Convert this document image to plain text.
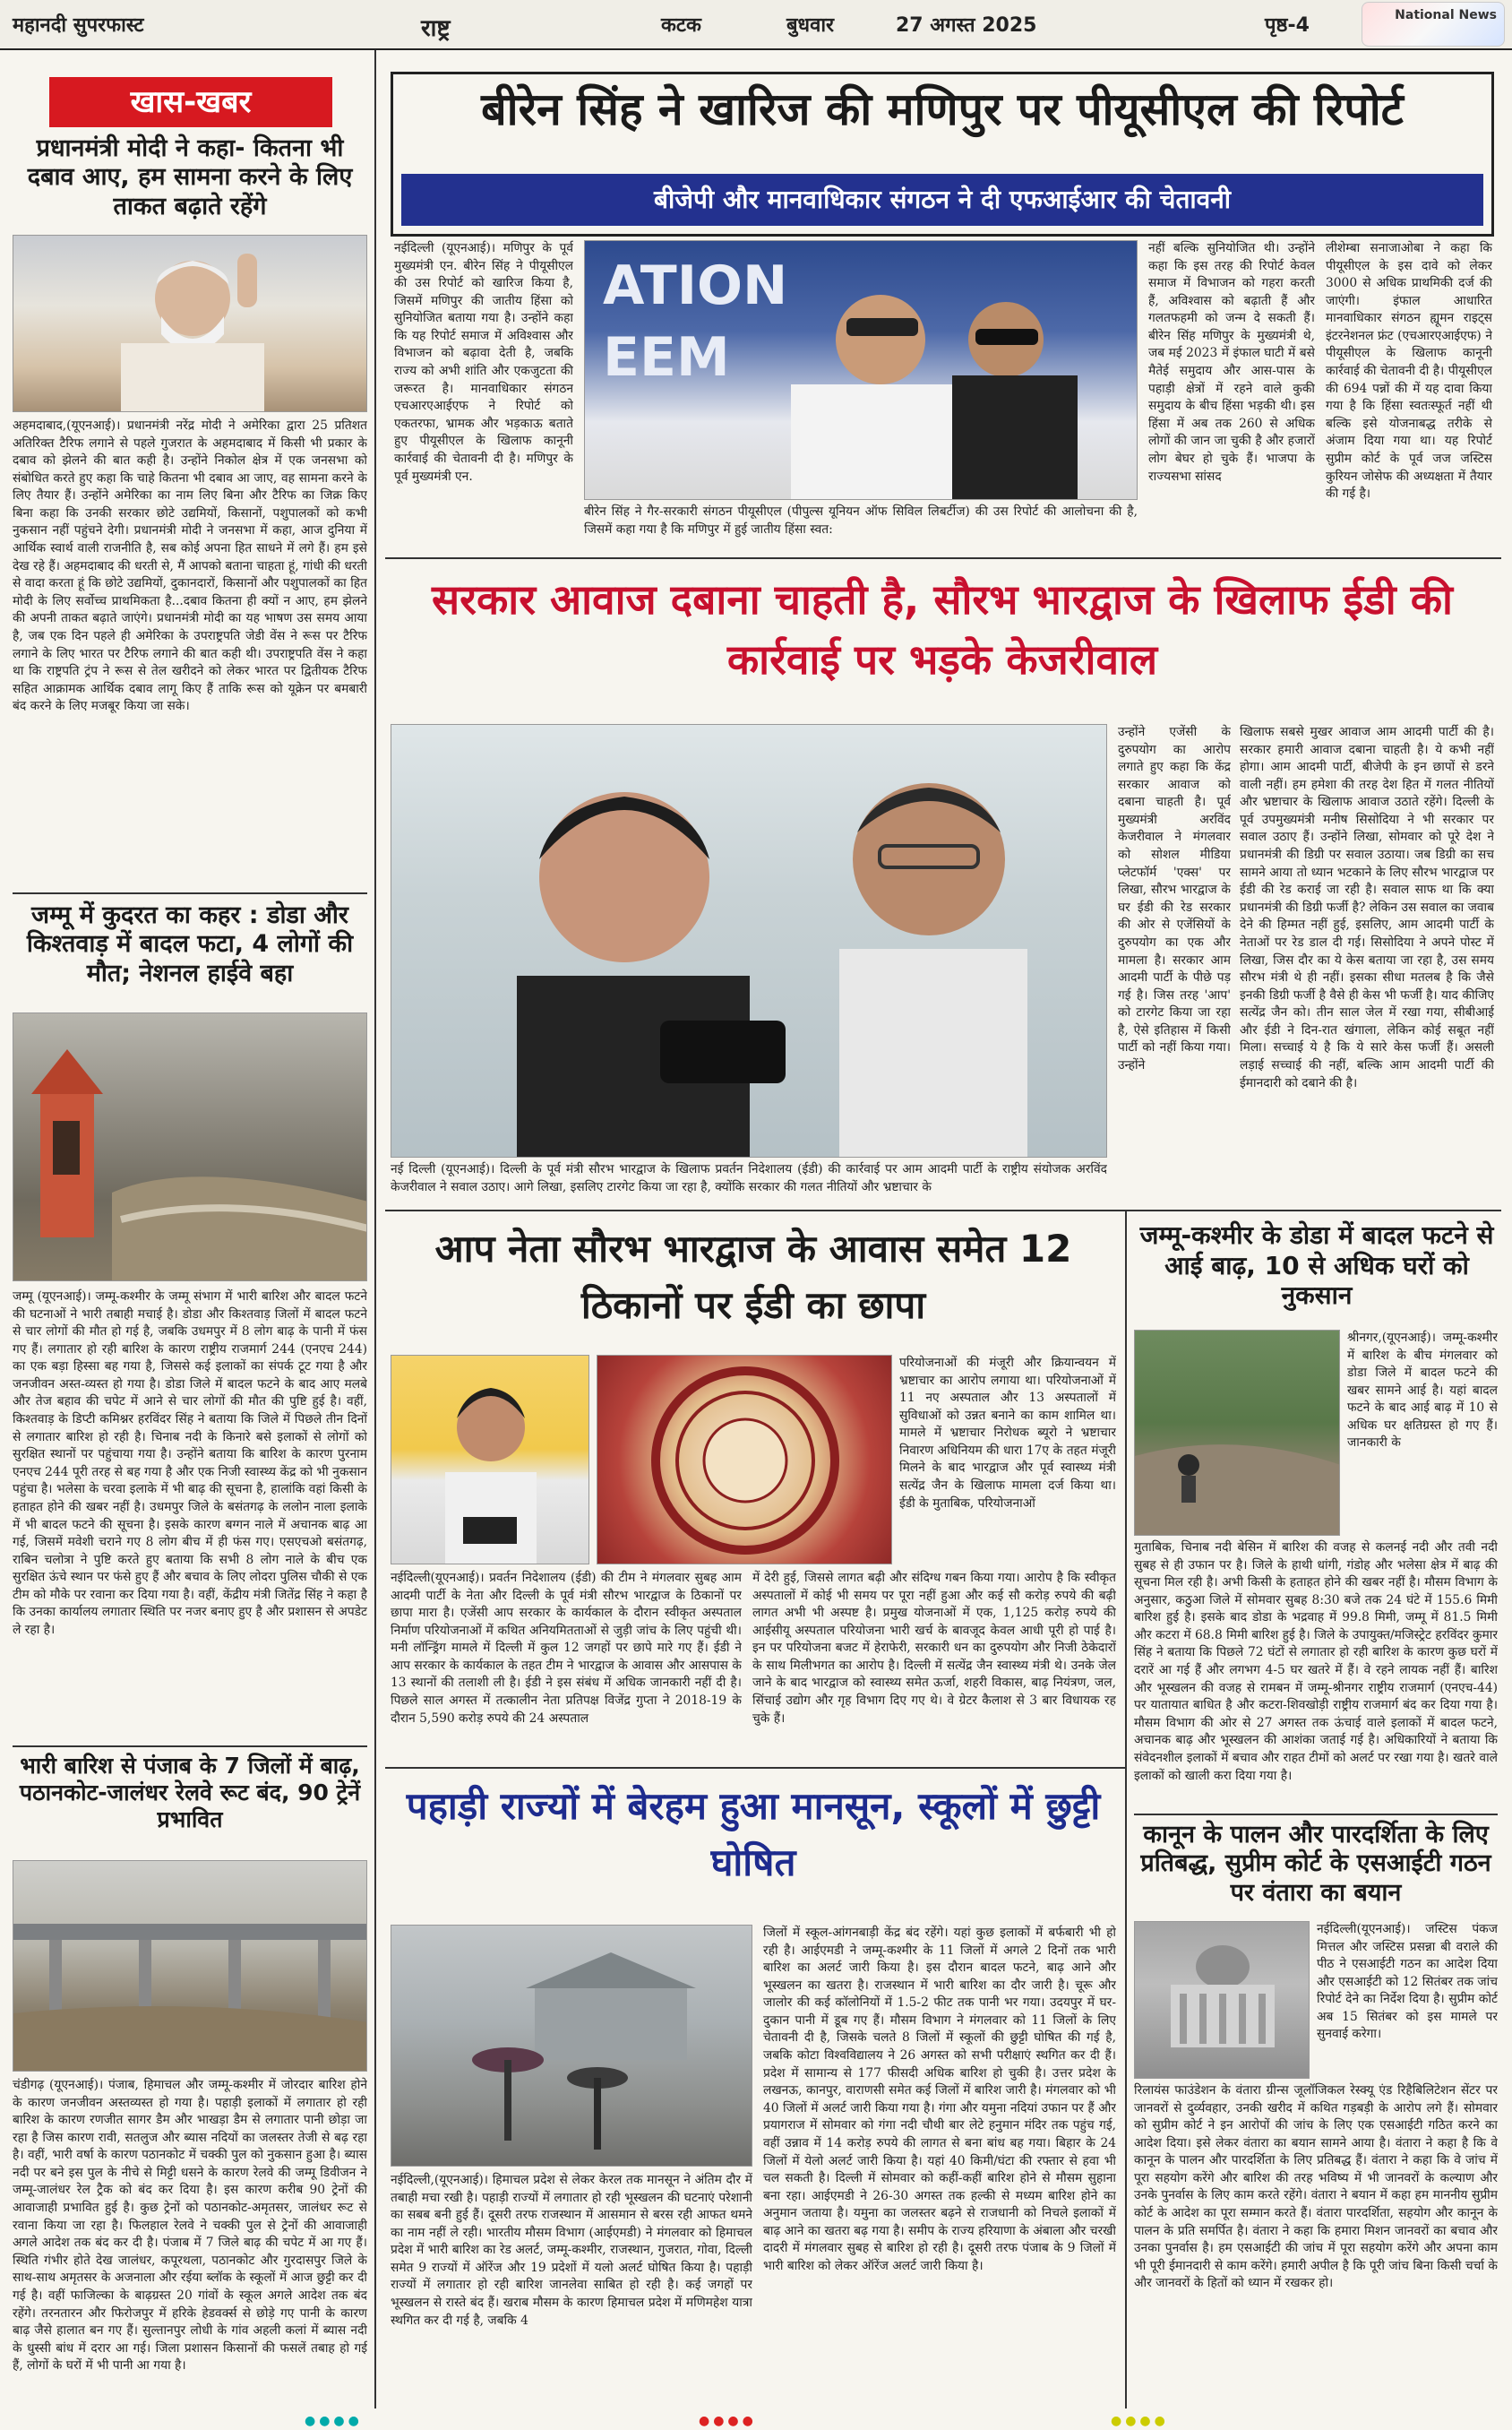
महानदी सुपरफास्ट	राष्ट्र	कटक	बुधवार	27 अगस्त 2025	पृष्ठ-4	National News
खास-खबर
प्रधानमंत्री मोदी ने कहा- कितना भी दबाव आए, हम सामना करने के लिए ताकत बढ़ाते रहेंगे
अहमदाबाद,(यूएनआई)। प्रधानमंत्री नरेंद्र मोदी ने अमेरिका द्वारा 25 प्रतिशत अतिरिक्त टैरिफ लगाने से पहले गुजरात के अहमदाबाद में किसी भी प्रकार के दबाव को झेलने की बात कही है। उन्होंने निकोल क्षेत्र में एक जनसभा को संबोधित करते हुए कहा कि चाहे कितना भी दबाव आ जाए, वह सामना करने के लिए तैयार हैं। उन्होंने अमेरिका का नाम लिए बिना और टैरिफ का जिक्र किए बिना कहा कि उनकी सरकार छोटे उद्यमियों, किसानों, पशुपालकों को कभी नुकसान नहीं पहुंचने देगी। प्रधानमंत्री मोदी ने जनसभा में कहा, आज दुनिया में आर्थिक स्वार्थ वाली राजनीति है, सब कोई अपना हित साधने में लगे हैं। हम इसे देख रहे हैं। अहमदाबाद की धरती से, मैं आपको बताना चाहता हूं, गांधी की धरती से वादा करता हूं कि छोटे उद्यमियों, दुकानदारों, किसानों और पशुपालकों का हित मोदी के लिए सर्वोच्च प्राथमिकता है...दबाव कितना ही क्यों न आए, हम झेलने की अपनी ताकत बढ़ाते जाएंगे। प्रधानमंत्री मोदी का यह भाषण उस समय आया है, जब एक दिन पहले ही अमेरिका के उपराष्ट्रपति जेडी वेंस ने रूस पर टैरिफ लगाने के लिए भारत पर टैरिफ लगाने की बात कही थी। उपराष्ट्रपति वेंस ने कहा था कि राष्ट्रपति ट्रंप ने रूस से तेल खरीदने को लेकर भारत पर द्वितीयक टैरिफ सहित आक्रामक आर्थिक दबाव लागू किए हैं ताकि रूस को यूक्रेन पर बमबारी बंद करने के लिए मजबूर किया जा सके।
जम्मू में कुदरत का कहर : डोडा और किश्तवाड़ में बादल फटा, 4 लोगों की मौत; नेशनल हाईवे बहा
जम्मू (यूएनआई)। जम्मू-कश्मीर के जम्मू संभाग में भारी बारिश और बादल फटने की घटनाओं ने भारी तबाही मचाई है। डोडा और किश्तवाड़ जिलों में बादल फटने से चार लोगों की मौत हो गई है, जबकि उधमपुर में 8 लोग बाढ़ के पानी में फंस गए हैं। लगातार हो रही बारिश के कारण राष्ट्रीय राजमार्ग 244 (एनएच 244) का एक बड़ा हिस्सा बह गया है, जिससे कई इलाकों का संपर्क टूट गया है और जनजीवन अस्त-व्यस्त हो गया है। डोडा जिले में बादल फटने के बाद आए मलबे और तेज बहाव की चपेट में आने से चार लोगों की मौत की पुष्टि हुई है। वहीं, किश्तवाड़ के डिप्टी कमिश्नर हरविंदर सिंह ने बताया कि जिले में पिछले तीन दिनों से लगातार बारिश हो रही है। चिनाब नदी के किनारे बसे इलाकों से लोगों को सुरक्षित स्थानों पर पहुंचाया गया है। उन्होंने बताया कि बारिश के कारण पुरनाम एनएच 244 पूरी तरह से बह गया है और एक निजी स्वास्थ्य केंद्र को भी नुकसान पहुंचा है। भलेसा के चरवा इलाके में भी बाढ़ की सूचना है, हालांकि वहां किसी के हताहत होने की खबर नहीं है। उधमपुर जिले के बसंतगढ़ के ललोन नाला इलाके में भी बादल फटने की सूचना है। इसके कारण बग्गन नाले में अचानक बाढ़ आ गई, जिसमें मवेशी चराने गए 8 लोग बीच में ही फंस गए। एसएचओ बसंतगढ़, राबिन चलोत्रा ने पुष्टि करते हुए बताया कि सभी 8 लोग नाले के बीच एक सुरक्षित ऊंचे स्थान पर फंसे हुए हैं और बचाव के लिए लोदरा पुलिस चौकी से एक टीम को मौके पर रवाना कर दिया गया है। वहीं, केंद्रीय मंत्री जितेंद्र सिंह ने कहा है कि उनका कार्यालय लगातार स्थिति पर नजर बनाए हुए है और प्रशासन से अपडेट ले रहा है।
भारी बारिश से पंजाब के 7 जिलों में बाढ़, पठानकोट-जालंधर रेलवे रूट बंद, 90 ट्रेनें प्रभावित
चंडीगढ़ (यूएनआई)। पंजाब, हिमाचल और जम्मू-कश्मीर में जोरदार बारिश होने के कारण जनजीवन अस्तव्यस्त हो गया है। पहाड़ी इलाकों में लगातार हो रही बारिश के कारण रणजीत सागर डैम और भाखड़ा डैम से लगातार पानी छोड़ा जा रहा है जिस कारण रावी, सतलुज और ब्यास नदियों का जलस्तर तेजी से बढ़ रहा है। वहीं, भारी वर्षा के कारण पठानकोट में चक्की पुल को नुकसान हुआ है। ब्यास नदी पर बने इस पुल के नीचे से मिट्टी धसने के कारण रेलवे की जम्मू डिवीजन ने जम्मू-जालंधर रेल ट्रैक को बंद कर दिया है। इस कारण करीब 90 ट्रेनों की आवाजाही प्रभावित हुई है। कुछ ट्रेनों को पठानकोट-अमृतसर, जालंधर रूट से रवाना किया जा रहा है। फिलहाल रेलवे ने चक्की पुल से ट्रेनों की आवाजाही अगले आदेश तक बंद कर दी है। पंजाब में 7 जिले बाढ़ की चपेट में आ गए हैं। स्थिति गंभीर होते देख जालंधर, कपूरथला, पठानकोट और गुरदासपुर जिले के साथ-साथ अमृतसर के अजनाला और रईया ब्लॉक के स्कूलों में आज छुट्टी कर दी गई है। वहीं फाजिल्का के बाढ़ग्रस्त 20 गांवों के स्कूल अगले आदेश तक बंद रहेंगे। तरनतारन और फिरोजपुर में हरिके हेडवर्क्स से छोड़े गए पानी के कारण बाढ़ जैसे हालात बन गए हैं। सुल्तानपुर लोधी के गांव अहली कलां में ब्यास नदी के धुस्सी बांध में दरार आ गई। जिला प्रशासन किसानों की फसलें तबाह हो गई हैं, लोगों के घरों में भी पानी आ गया है।
बीरेन सिंह ने खारिज की मणिपुर पर पीयूसीएल की रिपोर्ट
बीजेपी और मानवाधिकार संगठन ने दी एफआईआर की चेतावनी
नईदिल्ली (यूएनआई)। मणिपुर के पूर्व मुख्यमंत्री एन. बीरेन सिंह ने पीयूसीएल की उस रिपोर्ट को खारिज किया है, जिसमें मणिपुर की जातीय हिंसा को सुनियोजित बताया गया है। उन्होंने कहा कि यह रिपोर्ट समाज में अविश्वास और विभाजन को बढ़ावा देती है, जबकि राज्य को अभी शांति और एकजुटता की जरूरत है। मानवाधिकार संगठन एचआरएआईएफ ने रिपोर्ट को एकतरफा, भ्रामक और भड़काऊ बताते हुए पीयूसीएल के खिलाफ कानूनी कार्रवाई की चेतावनी दी है। मणिपुर के पूर्व मुख्यमंत्री एन.
ATION
EEM
बीरेन सिंह ने गैर-सरकारी संगठन पीयूसीएल (पीपुल्स यूनियन ऑफ सिविल लिबर्टीज) की उस रिपोर्ट की आलोचना की है, जिसमें कहा गया है कि मणिपुर में हुई जातीय हिंसा स्वत:
नहीं बल्कि सुनियोजित थी। उन्होंने कहा कि इस तरह की रिपोर्ट केवल समाज में विभाजन को गहरा करती हैं, अविश्वास को बढ़ाती हैं और गलतफहमी को जन्म दे सकती हैं। बीरेन सिंह मणिपुर के मुख्यमंत्री थे, जब मई 2023 में इंफाल घाटी में बसे मैतेई समुदाय और आस-पास के पहाड़ी क्षेत्रों में रहने वाले कुकी समुदाय के बीच हिंसा भड़की थी। इस हिंसा में अब तक 260 से अधिक लोगों की जान जा चुकी है और हजारों लोग बेघर हो चुके हैं। भाजपा के राज्यसभा सांसद
लीशेम्बा सनाजाओबा ने कहा कि पीयूसीएल के इस दावे को लेकर 3000 से अधिक प्राथमिकी दर्ज की जाएंगी। इंफाल आधारित मानवाधिकार संगठन ह्यूमन राइट्स इंटरनेशनल फ्रंट (एचआरएआईएफ) ने पीयूसीएल के खिलाफ कानूनी कार्रवाई की चेतावनी दी है। पीयूसीएल की 694 पन्नों की में यह दावा किया गया है कि हिंसा स्वतःस्फूर्त नहीं थी बल्कि इसे योजनाबद्ध तरीके से अंजाम दिया गया था। यह रिपोर्ट सुप्रीम कोर्ट के पूर्व जज जस्टिस कुरियन जोसेफ की अध्यक्षता में तैयार की गई है।
सरकार आवाज दबाना चाहती है, सौरभ भारद्वाज के खिलाफ ईडी की कार्रवाई पर भड़के केजरीवाल
नई दिल्ली (यूएनआई)। दिल्ली के पूर्व मंत्री सौरभ भारद्वाज के खिलाफ प्रवर्तन निदेशालय (ईडी) की कार्रवाई पर आम आदमी पार्टी के राष्ट्रीय संयोजक अरविंद केजरीवाल ने सवाल उठाए। आगे लिखा, इसलिए टारगेट किया जा रहा है, क्योंकि सरकार की गलत नीतियों और भ्रष्टाचार के
उन्होंने एजेंसी के दुरुपयोग का आरोप लगाते हुए कहा कि केंद्र सरकार आवाज को दबाना चाहती है। पूर्व मुख्यमंत्री अरविंद केजरीवाल ने मंगलवार को सोशल मीडिया प्लेटफॉर्म 'एक्स' पर लिखा, सौरभ भारद्वाज के घर ईडी की रेड सरकार की ओर से एजेंसियों के दुरुपयोग का एक और मामला है। सरकार आम आदमी पार्टी के पीछे पड़ गई है। जिस तरह 'आप' को टारगेट किया जा रहा है, ऐसे इतिहास में किसी पार्टी को नहीं किया गया। उन्होंने
खिलाफ सबसे मुखर आवाज आम आदमी पार्टी की है। सरकार हमारी आवाज दबाना चाहती है। ये कभी नहीं होगा। आम आदमी पार्टी, बीजेपी के इन छापों से डरने वाली नहीं। हम हमेशा की तरह देश हित में गलत नीतियों और भ्रष्टाचार के खिलाफ आवाज उठाते रहेंगे। दिल्ली के पूर्व उपमुख्यमंत्री मनीष सिसोदिया ने भी सरकार पर सवाल उठाए हैं। उन्होंने लिखा, सोमवार को पूरे देश ने प्रधानमंत्री की डिग्री पर सवाल उठाया। जब डिग्री का सच सामने आया तो ध्यान भटकाने के लिए सौरभ भारद्वाज पर ईडी की रेड कराई जा रही है। सवाल साफ था कि क्या प्रधानमंत्री की डिग्री फर्जी है? लेकिन उस सवाल का जवाब देने की हिम्मत नहीं हुई, इसलिए, आम आदमी पार्टी के नेताओं पर रेड डाल दी गई। सिसोदिया ने अपने पोस्ट में लिखा, जिस दौर का ये केस बताया जा रहा है, उस समय सौरभ मंत्री थे ही नहीं। इसका सीधा मतलब है कि जैसे इनकी डिग्री फर्जी है वैसे ही केस भी फर्जी है। याद कीजिए सत्येंद्र जैन को। तीन साल जेल में रखा गया, सीबीआई और ईडी ने दिन-रात खंगाला, लेकिन कोई सबूत नहीं मिला। सच्चाई ये है कि ये सारे केस फर्जी हैं। असली लड़ाई सच्चाई की नहीं, बल्कि आम आदमी पार्टी की ईमानदारी को दबाने की है।
आप नेता सौरभ भारद्वाज के आवास समेत 12 ठिकानों पर ईडी का छापा
परियोजनाओं की मंजूरी और क्रियान्वयन में भ्रष्टाचार का आरोप लगाया था। परियोजनाओं में 11 नए अस्पताल और 13 अस्पतालों में सुविधाओं को उन्नत बनाने का काम शामिल था। मामले में भ्रष्टाचार निरोधक ब्यूरो ने भ्रष्टाचार निवारण अधिनियम की धारा 17ए के तहत मंजूरी मिलने के बाद भारद्वाज और पूर्व स्वास्थ्य मंत्री सत्येंद्र जैन के खिलाफ मामला दर्ज किया था। ईडी के मुताबिक, परियोजनाओं
नईदिल्ली(यूएनआई)। प्रवर्तन निदेशालय (ईडी) की टीम ने मंगलवार सुबह आम आदमी पार्टी के नेता और दिल्ली के पूर्व मंत्री सौरभ भारद्वाज के ठिकानों पर छापा मारा है। एजेंसी आप सरकार के कार्यकाल के दौरान स्वीकृत अस्पताल निर्माण परियोजनाओं में कथित अनियमितताओं से जुड़ी जांच के लिए पहुंची थी। मनी लॉन्ड्रिंग मामले में दिल्ली में कुल 12 जगहों पर छापे मारे गए हैं। ईडी ने आप सरकार के कार्यकाल के तहत टीम ने भारद्वाज के आवास और आसपास के 13 स्थानों की तलाशी ली है। ईडी ने इस संबंध में अधिक जानकारी नहीं दी है। पिछले साल अगस्त में तत्कालीन नेता प्रतिपक्ष विजेंद्र गुप्ता ने 2018-19 के दौरान 5,590 करोड़ रुपये की 24 अस्पताल
में देरी हुई, जिससे लागत बढ़ी और संदिग्ध गबन किया गया। आरोप है कि स्वीकृत अस्पतालों में कोई भी समय पर पूरा नहीं हुआ और कई सौ करोड़ रुपये की बढ़ी लागत अभी भी अस्पष्ट है। प्रमुख योजनाओं में एक, 1,125 करोड़ रुपये की आईसीयू अस्पताल परियोजना भारी खर्च के बावजूद केवल आधी पूरी हो पाई है। इन पर परियोजना बजट में हेराफेरी, सरकारी धन का दुरुपयोग और निजी ठेकेदारों के साथ मिलीभगत का आरोप है। दिल्ली में सत्येंद्र जैन स्वास्थ्य मंत्री थे। उनके जेल जाने के बाद भारद्वाज को स्वास्थ्य समेत ऊर्जा, शहरी विकास, बाढ़ नियंत्रण, जल, सिंचाई उद्योग और गृह विभाग दिए गए थे। वे ग्रेटर कैलाश से 3 बार विधायक रह चुके हैं।
जम्मू-कश्मीर के डोडा में बादल फटने से आई बाढ़, 10 से अधिक घरों को नुकसान
श्रीनगर,(यूएनआई)। जम्मू-कश्मीर में बारिश के बीच मंगलवार को डोडा जिले में बादल फटने की खबर सामने आई है। यहां बादल फटने के बाद आई बाढ़ में 10 से अधिक घर क्षतिग्रस्त हो गए हैं। जानकारी के
मुताबिक, चिनाब नदी बेसिन में बारिश की वजह से कलनई नदी और तवी नदी सुबह से ही उफान पर है। जिले के हाथी धांगी, गंडोह और भलेसा क्षेत्र में बाढ़ की सूचना मिल रही है। अभी किसी के हताहत होने की खबर नहीं है। मौसम विभाग के अनुसार, कठुआ जिले में सोमवार सुबह 8:30 बजे तक 24 घंटे में 155.6 मिमी बारिश हुई है। इसके बाद डोडा के भद्रवाह में 99.8 मिमी, जम्मू में 81.5 मिमी और कटरा में 68.8 मिमी बारिश हुई है। जिले के उपायुक्त/मजिस्ट्रेट हरविंदर कुमार सिंह ने बताया कि पिछले 72 घंटों से लगातार हो रही बारिश के कारण कुछ घरों में दरारें आ गई हैं और लगभग 4-5 घर खतरे में हैं। वे रहने लायक नहीं हैं। बारिश और भूस्खलन की वजह से रामबन में जम्मू-श्रीनगर राष्ट्रीय राजमार्ग (एनएच-44) पर यातायात बाधित है और कटरा-शिवखोड़ी राष्ट्रीय राजमार्ग बंद कर दिया गया है। मौसम विभाग की ओर से 27 अगस्त तक ऊंचाई वाले इलाकों में बादल फटने, अचानक बाढ़ और भूस्खलन की आशंका जताई गई है। अधिकारियों ने बताया कि संवेदनशील इलाकों में बचाव और राहत टीमों को अलर्ट पर रखा गया है। खतरे वाले इलाकों को खाली करा दिया गया है।
पहाड़ी राज्यों में बेरहम हुआ मानसून, स्कूलों में छुट्टी घोषित
जिलों में स्कूल-आंगनबाड़ी केंद्र बंद रहेंगे। यहां कुछ इलाकों में बर्फबारी भी हो रही है। आईएमडी ने जम्मू-कश्मीर के 11 जिलों में अगले 2 दिनों तक भारी बारिश का अलर्ट जारी किया है। इस दौरान बादल फटने, बाढ़ आने और भूस्खलन का खतरा है। राजस्थान में भारी बारिश का दौर जारी है। चूरू और जालोर की कई कॉलोनियों में 1.5-2 फीट तक पानी भर गया। उदयपुर में घर-दुकान पानी में डूब गए हैं। मौसम विभाग ने मंगलवार को 11 जिलों के लिए चेतावनी दी है, जिसके चलते 8 जिलों में स्कूलों की छुट्टी घोषित की गई है, जबकि कोटा विश्वविद्यालय ने 26 अगस्त को सभी परीक्षाएं स्थगित कर दी हैं। प्रदेश में सामान्य से 177 फीसदी अधिक बारिश हो चुकी है। उत्तर प्रदेश के लखनऊ, कानपुर, वाराणसी समेत कई जिलों में बारिश जारी है। मंगलवार को भी 40 जिलों में अलर्ट जारी किया गया है। गंगा और यमुना नदियां उफान पर हैं और प्रयागराज में सोमवार को गंगा नदी चौथी बार लेटे हनुमान मंदिर तक पहुंच गई, वहीं उन्नाव में 14 करोड़ रुपये की लागत से बना बांध बह गया। बिहार के 24 जिलों में येलो अलर्ट जारी किया है। यहां 40 किमी/घंटा की रफ्तार से हवा भी चल सकती है। दिल्ली में सोमवार को कहीं-कहीं बारिश होने से मौसम सुहाना बना रहा। आईएमडी ने 26-30 अगस्त तक हल्की से मध्यम बारिश होने का अनुमान जताया है। यमुना का जलस्तर बढ़ने से राजधानी को निचले इलाकों में बाढ़ आने का खतरा बढ़ गया है। समीप के राज्य हरियाणा के अंबाला और चरखी दादरी में मंगलवार सुबह से बारिश हो रही है। दूसरी तरफ पंजाब के 9 जिलों में भारी बारिश को लेकर ऑरेंज अलर्ट जारी किया है।
नईदिल्ली,(यूएनआई)। हिमाचल प्रदेश से लेकर केरल तक मानसून ने अंतिम दौर में तबाही मचा रखी है। पहाड़ी राज्यों में लगातार हो रही भूस्खलन की घटनाएं परेशानी का सबब बनी हुई हैं। दूसरी तरफ राजस्थान में आसमान से बरस रही आफत थमने का नाम नहीं ले रही। भारतीय मौसम विभाग (आईएमडी) ने मंगलवार को हिमाचल प्रदेश में भारी बारिश का रेड अलर्ट, जम्मू-कश्मीर, राजस्थान, गुजरात, गोवा, दिल्ली समेत 9 राज्यों में ऑरेंज और 19 प्रदेशों में यलो अलर्ट घोषित किया है। पहाड़ी राज्यों में लगातार हो रही बारिश जानलेवा साबित हो रही है। कई जगहों पर भूस्खलन से रास्ते बंद हैं। खराब मौसम के कारण हिमाचल प्रदेश में मणिमहेश यात्रा स्थगित कर दी गई है, जबकि 4
कानून के पालन और पारदर्शिता के लिए प्रतिबद्ध, सुप्रीम कोर्ट के एसआईटी गठन पर वंतारा का बयान
नईदिल्ली(यूएनआई)। जस्टिस पंकज मित्तल और जस्टिस प्रसन्ना बी वराले की पीठ ने एसआईटी गठन का आदेश दिया और एसआईटी को 12 सितंबर तक जांच रिपोर्ट देने का निर्देश दिया है। सुप्रीम कोर्ट अब 15 सितंबर को इस मामले पर सुनवाई करेगा।
रिलायंस फाउंडेशन के वंतारा ग्रीन्स जूलॉजिकल रेस्क्यू एंड रिहैबिलिटेशन सेंटर पर जानवरों से दुर्व्यवहार, उनकी खरीद में कथित गड़बड़ी के आरोप लगे हैं। सोमवार को सुप्रीम कोर्ट ने इन आरोपों की जांच के लिए एक एसआईटी गठित करने का आदेश दिया। इसे लेकर वंतारा का बयान सामने आया है। वंतारा ने कहा है कि वे कानून के पालन और पारदर्शिता के लिए प्रतिबद्ध हैं। वंतारा ने कहा कि वे जांच में पूरा सहयोग करेंगे और बारिश की तरह भविष्य में भी जानवरों के कल्याण और उनके पुनर्वास के लिए काम करते रहेंगे। वंतारा ने बयान में कहा हम माननीय सुप्रीम कोर्ट के आदेश का पूरा सम्मान करते हैं। वंतारा पारदर्शिता, सहयोग और कानून के पालन के प्रति समर्पित है। वंतारा ने कहा कि हमारा मिशन जानवरों का बचाव और उनका पुनर्वास है। हम एसआईटी की जांच में पूरा सहयोग करेंगे और अपना काम भी पूरी ईमानदारी से काम करेंगे। हमारी अपील है कि पूरी जांच बिना किसी चर्चा के और जानवरों के हितों को ध्यान में रखकर हो।
●●●●	●●●●	●●●●
